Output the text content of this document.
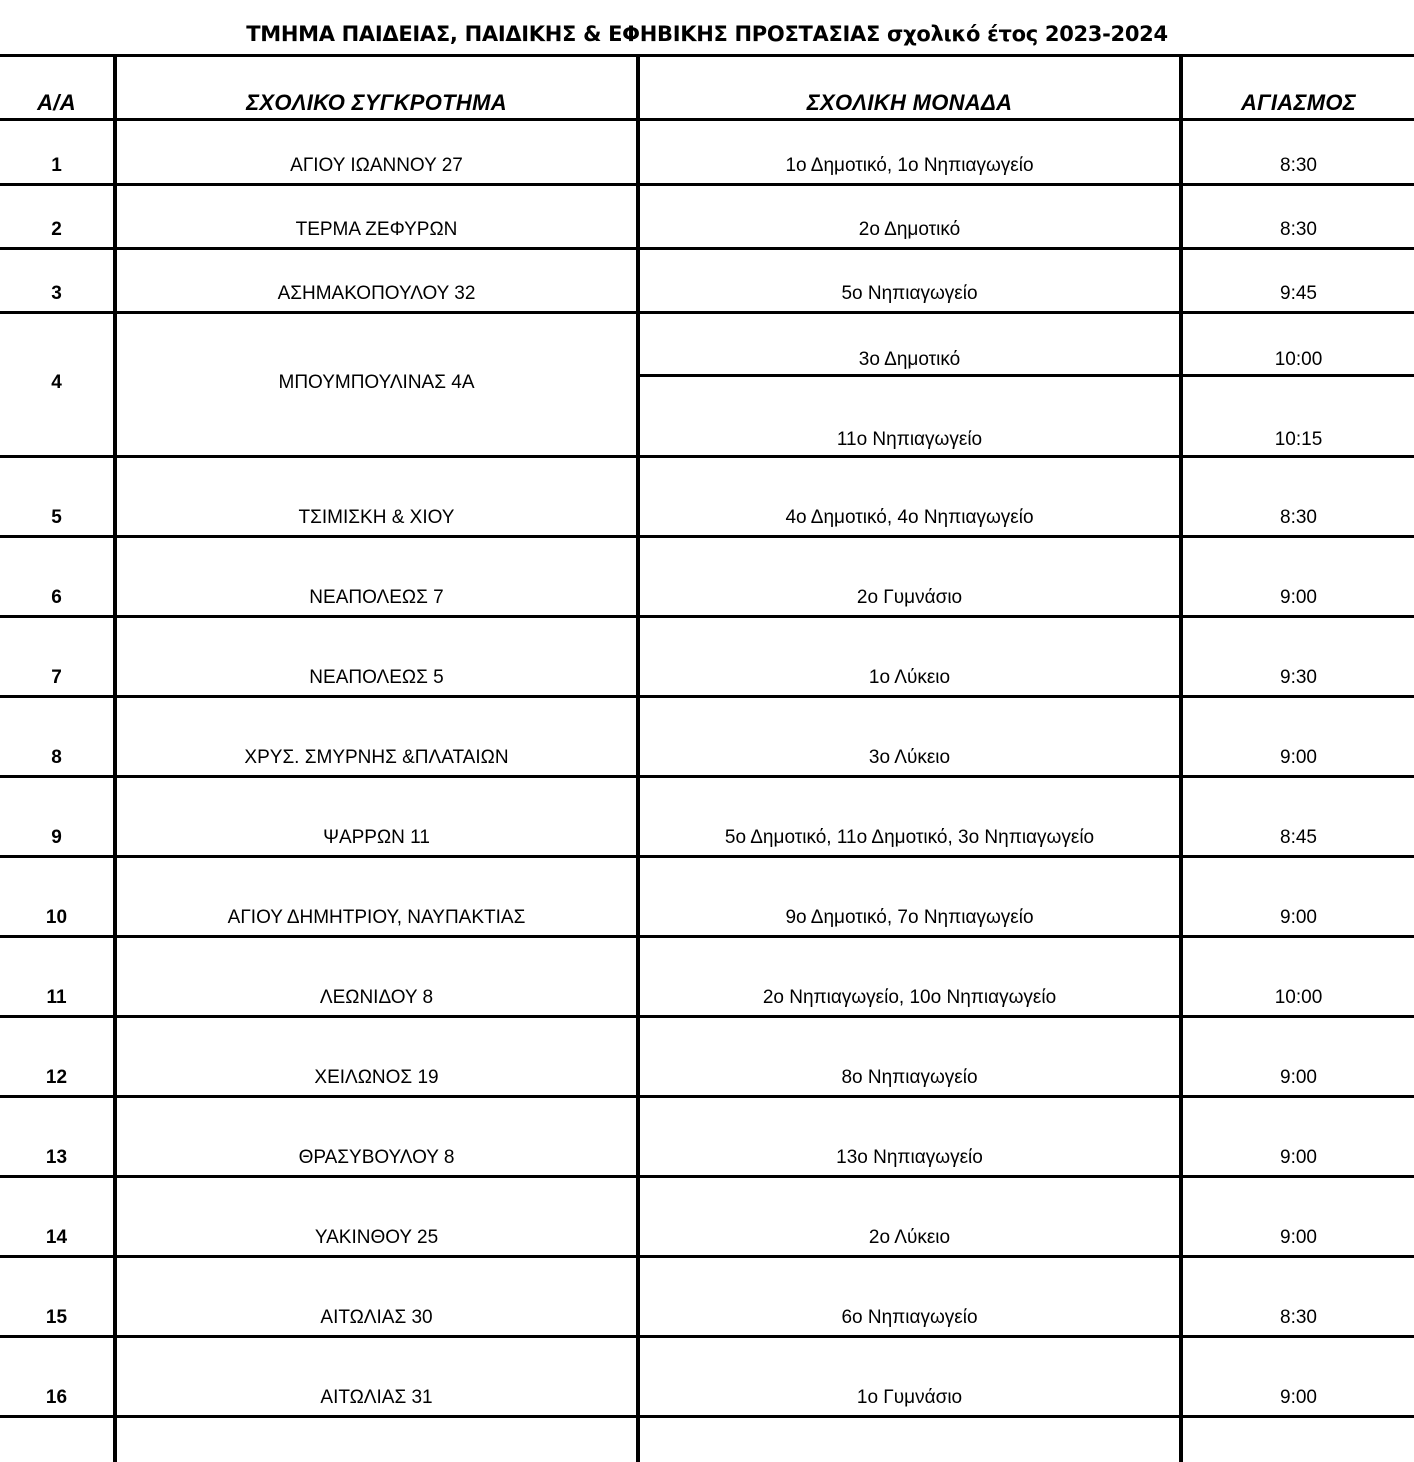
ΤΜΗΜΑ ΠΑΙΔΕΙΑΣ, ΠΑΙΔΙΚΗΣ & ΕΦΗΒΙΚΗΣ ΠΡΟΣΤΑΣΙΑΣ σχολικό έτος 2023-2024
Α/Α	ΣΧΟΛΙΚΟ ΣΥΓΚΡΟΤΗΜΑ	ΣΧΟΛΙΚΗ ΜΟΝΑΔΑ	ΑΓΙΑΣΜΟΣ
1	ΑΓΙΟΥ ΙΩΑΝΝΟΥ 27	1ο Δημοτικό, 1ο Νηπιαγωγείο	8:30
2	ΤΕΡΜΑ ΖΕΦΥΡΩΝ	2ο Δημοτικό	8:30
3	ΑΣΗΜΑΚΟΠΟΥΛΟΥ 32	5ο Νηπιαγωγείο	9:45
4	ΜΠΟΥΜΠΟΥΛΙΝΑΣ 4Α
3ο Δημοτικό	10:00
11ο Νηπιαγωγείο	10:15
5	ΤΣΙΜΙΣΚΗ & ΧΙΟΥ	4ο Δημοτικό, 4ο Νηπιαγωγείο	8:30
6	ΝΕΑΠΟΛΕΩΣ 7	2ο Γυμνάσιο	9:00
7	ΝΕΑΠΟΛΕΩΣ 5	1ο Λύκειο	9:30
8	ΧΡΥΣ. ΣΜΥΡΝΗΣ &ΠΛΑΤΑΙΩΝ	3ο Λύκειο	9:00
9	ΨΑΡΡΩΝ 11	5ο Δημοτικό, 11ο Δημοτικό, 3ο Νηπιαγωγείο	8:45
10	ΑΓΙΟΥ ΔΗΜΗΤΡΙΟΥ, ΝΑΥΠΑΚΤΙΑΣ	9ο Δημοτικό, 7ο Νηπιαγωγείο	9:00
11	ΛΕΩΝΙΔΟΥ 8	2ο Νηπιαγωγείο, 10ο Νηπιαγωγείο	10:00
12	ΧΕΙΛΩΝΟΣ 19	8ο Νηπιαγωγείο	9:00
13	ΘΡΑΣΥΒΟΥΛΟΥ 8	13ο Νηπιαγωγείο	9:00
14	ΥΑΚΙΝΘΟΥ 25	2ο Λύκειο	9:00
15	ΑΙΤΩΛΙΑΣ 30	6ο Νηπιαγωγείο	8:30
16	ΑΙΤΩΛΙΑΣ 31	1ο Γυμνάσιο	9:00
